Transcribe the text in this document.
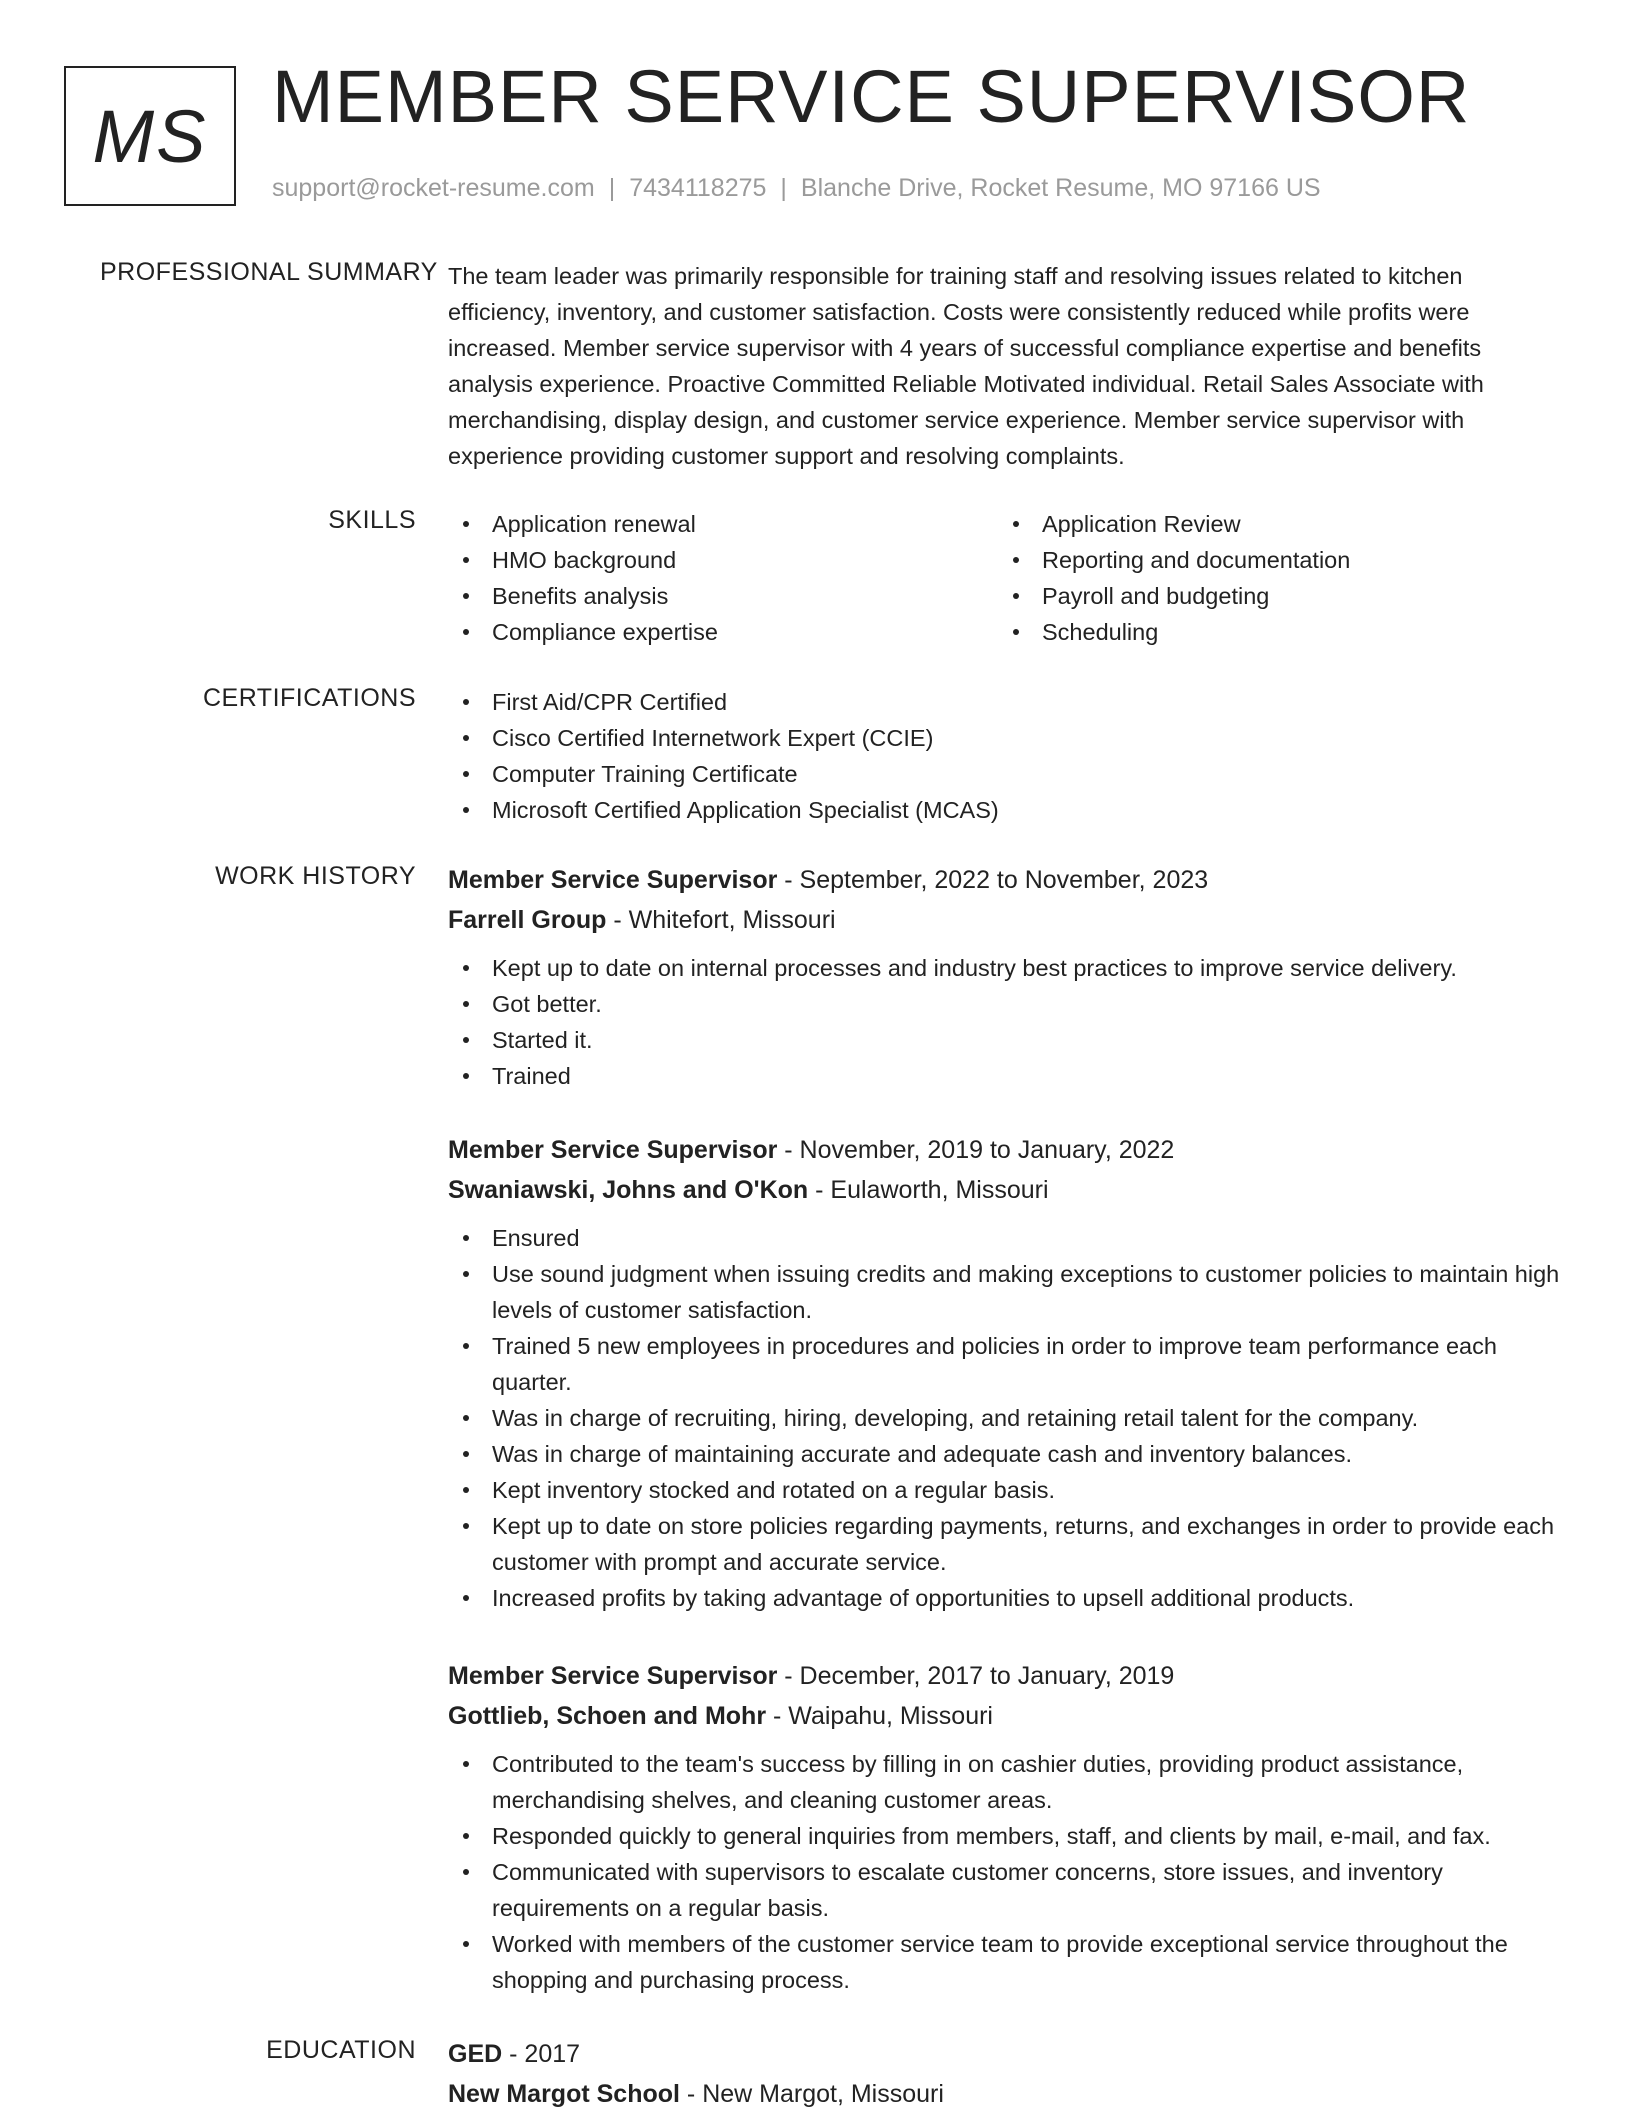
MS MEMBER SERVICE SUPERVISOR
support@rocket-resume.com | 7434118275 | Blanche Drive, Rocket Resume, MO 97166 US
PROFESSIONAL SUMMARY The team leader was primarily responsible for training staff and resolving issues related to kitchen efficiency, inventory, and customer satisfaction. Costs were consistently reduced while profits were increased. Member service supervisor with 4 years of successful compliance expertise and benefits analysis experience. Proactive Committed Reliable Motivated individual. Retail Sales Associate with merchandising, display design, and customer service experience. Member service supervisor with experience providing customer support and resolving complaints.

SKILLS	Application renewal
HMO background
Benefits analysis
Compliance expertise
Application Review
Reporting and documentation
Payroll and budgeting
Scheduling
CERTIFICATIONS	First Aid/CPR Certified
Cisco Certified Internetwork Expert (CCIE)
Computer Training Certificate
Microsoft Certified Application Specialist (MCAS)
WORK HISTORY Member Service Supervisor - September, 2022 to November, 2023
Farrell Group - Whitefort, Missouri
Kept up to date on internal processes and industry best practices to improve service delivery.
Got better.
Started it.
Trained
Member Service Supervisor - November, 2019 to January, 2022
Swaniawski, Johns and O'Kon - Eulaworth, Missouri
Ensured
Use sound judgment when issuing credits and making exceptions to customer policies to maintain high levels of customer satisfaction.
Trained 5 new employees in procedures and policies in order to improve team performance each quarter.
Was in charge of recruiting, hiring, developing, and retaining retail talent for the company.
Was in charge of maintaining accurate and adequate cash and inventory balances.
Kept inventory stocked and rotated on a regular basis.
Kept up to date on store policies regarding payments, returns, and exchanges in order to provide each customer with prompt and accurate service.
Increased profits by taking advantage of opportunities to upsell additional products.
Member Service Supervisor - December, 2017 to January, 2019
Gottlieb, Schoen and Mohr - Waipahu, Missouri
Contributed to the team's success by filling in on cashier duties, providing product assistance, merchandising shelves, and cleaning customer areas.
Responded quickly to general inquiries from members, staff, and clients by mail, e-mail, and fax.
Communicated with supervisors to escalate customer concerns, store issues, and inventory requirements on a regular basis.
Worked with members of the customer service team to provide exceptional service throughout the shopping and purchasing process.
EDUCATION GED - 2017
New Margot School - New Margot, Missouri
